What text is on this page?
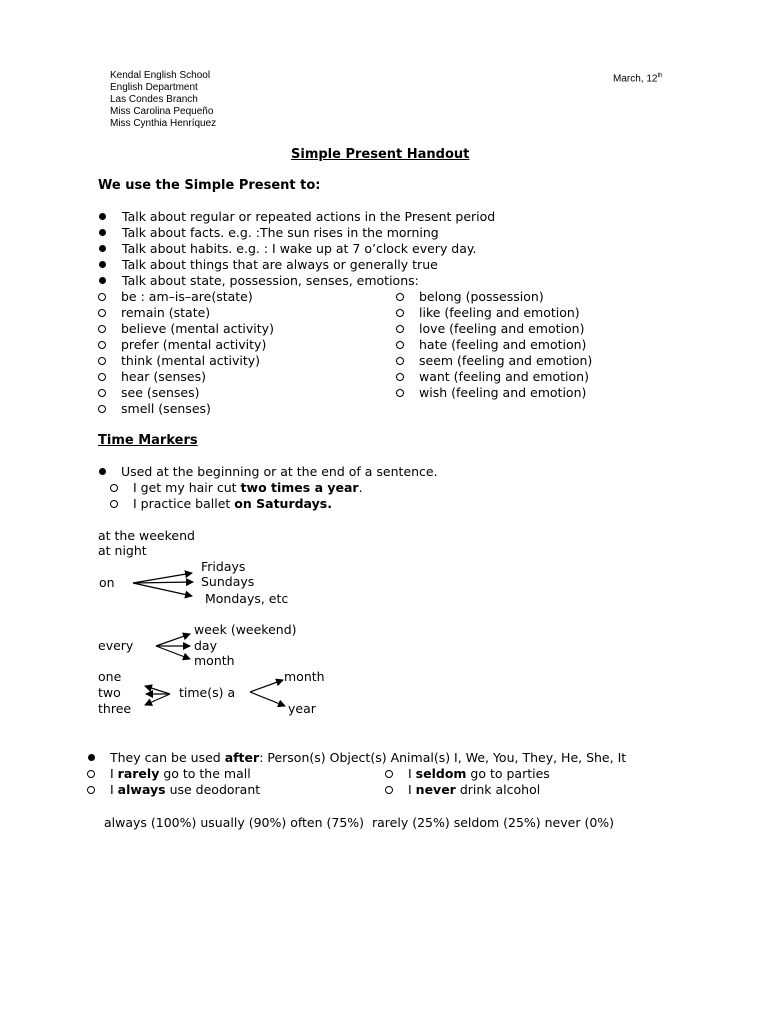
Kendal English School
English Department
Las Condes Branch
Miss Carolina Pequeño
Miss Cynthia Henríquez
March, 12th
Simple Present Handout
We use the Simple Present to:
Talk about regular or repeated actions in the Present period
Talk about facts. e.g. :The sun rises in the morning
Talk about habits. e.g. : I wake up at 7 o’clock every day.
Talk about things that are always or generally true
Talk about state, possession, senses, emotions:
be : am–is–are(state)
remain (state)
believe (mental activity)
prefer (mental activity)
think (mental activity)
hear (senses)
see (senses)
smell (senses)
belong (possession)
like (feeling and emotion)
love (feeling and emotion)
hate (feeling and emotion)
seem (feeling and emotion)
want (feeling and emotion)
wish (feeling and emotion)
Time Markers
Used at the beginning or at the end of a sentence.
I get my hair cut two times a year.
I practice ballet on Saturdays.
at the weekend
at night
on
Fridays
Sundays
Mondays, etc
every
week (weekend)
day
month
one
two
three
time(s) a
month
year
They can be used after: Person(s) Object(s) Animal(s) I, We, You, They, He, She, It
I rarely go to the mall
I always use deodorant
I seldom go to parties
I never drink alcohol
always (100%) usually (90%) often (75%)  rarely (25%) seldom (25%) never (0%)
